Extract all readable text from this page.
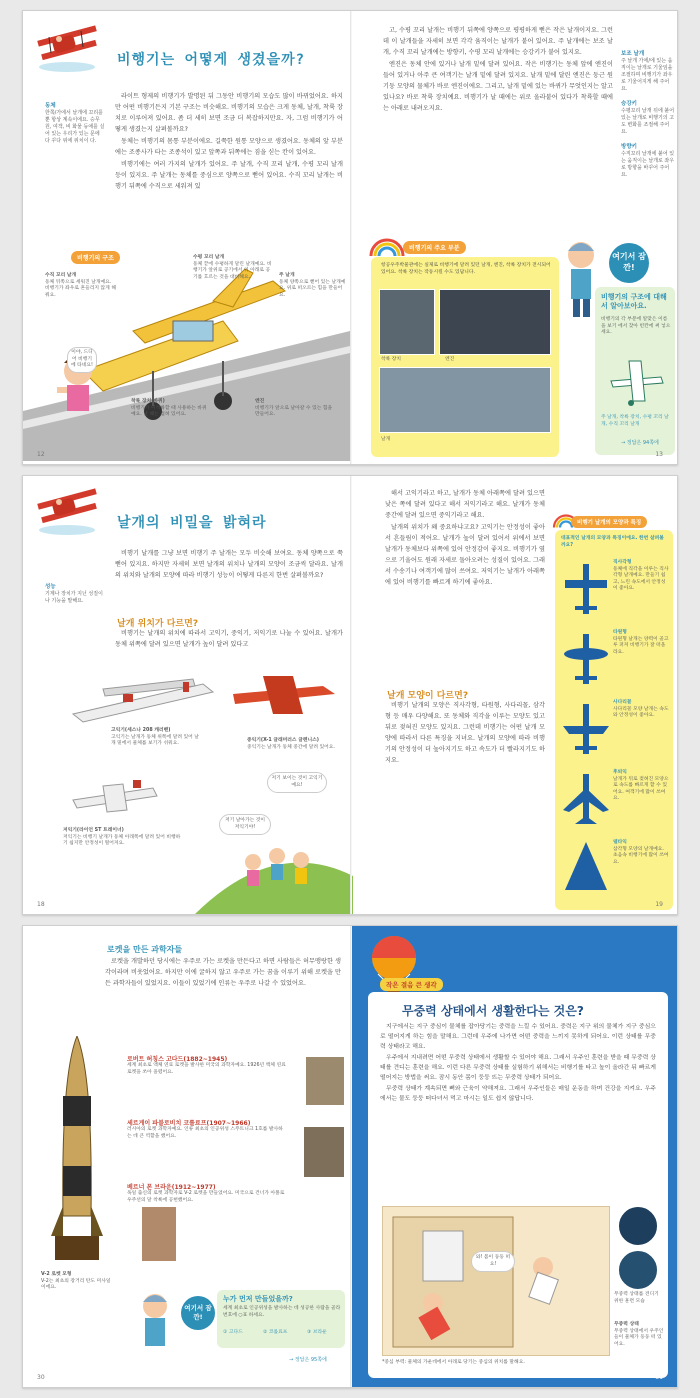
비행기는 어떻게 생겼을까?
동체
한쪽/가에서 날개에 꼬리를 뿐 항상 계속이에요. 승무원, 여객, 비 화물 등에를 실어 있는 우리가 있는 문에 다 꾸다 위에 위치이 다.

라이트 형제의 비행기가 발명된 뒤 그동안 비행기의 모습도 많이 바뀌었어요. 하지만 어떤 비행기든지 기본 구조는 비슷해요. 비행기의 모습은 크게 동체, 날개, 착륙 장치로 이루어져 있어요. 좀 더 세히 보면 조금 더 복잡하지만요. 자, 그럼 비행기가 어떻게 생겼는지 살펴볼까요?

동체는 비행기의 몸통 부분이에요. 길쭉한 원통 모양으로 생겼어요. 동체의 앞 부분에는 조종사가 타는 조종석이 있고 앞쪽과 뒤쪽에는 짐을 싣는 칸이 있어요.

비행기에는 여러 가지의 날개가 있어요. 주 날개, 수직 꼬리 날개, 수평 꼬리 날개 등이 있지요. 주 날개는 동체를 중심으로 양쪽으로 뻗어 있어요. 수직 꼬리 날개는 비행기 뒤쪽에 수직으로 세워져 있

비행기의 구조	수평 꼬리 날개
동체 끝에 수평하게 달린 날개예요. 비행기가 앞위로 공기에서 위 아래로 공기를 흐르는 것을 대비해요.	주 날개
동체 양쪽으로 뻗어 있는 날개예요. 위로 떠오르는 힘을 만들어요.
수직 꼬리 날개
동체 뒤쪽으로 세워진 날개예요. 비행기가 좌우로 흔들리지 않게 해 줘요.
착륙 장치(바퀴)
비행기가 이착륙할 때 사용하는 바퀴예요. 날 때는 접혀 있어요.
엔진
비행기가 앞으로 날아갈 수 있는 힘을 만들어요.
이야, 드디어 비행기에 타네요!
12

고, 수평 꼬리 날개는 비행기 뒤쪽에 양쪽으로 평평하게 뻗은 작은 날개이지요. 그런데 이 날개들을 자세히 보면 각각 움직이는 날개가 붙어 있어요. 주 날개에는 보조 날개, 수직 꼬리 날개에는 방향키, 수평 꼬리 날개에는 승강키가 붙어 있지요.

엔진은 동체 안에 있거나 날개 밑에 달려 있어요. 작은 비행기는 동체 앞에 엔진이 들어 있거나 아주 큰 여객기는 날개 밑에 달려 있지요. 날개 밑에 달린 엔진은 둥근 원기둥 모양의 물체가 바로 엔진이에요. 그리고, 날개 밑에 있는 바퀴가 무엇인지는 알고 있나요? 바로 착륙 장치예요. 비행기가 날 때에는 위로 올라붙어 있다가 착륙할 때에는 아래로 내려오지요.

보조 날개
주 날개 가에/에 있는 움직이는 날개로 기울임을 조절하며 비행기가 좌우로 기울어지게 해 주어요.
승강키
수평꼬리 날개 뒤에 붙어 있는 날개로 비행기의 고도 변화를 조절해 주어요.
방향키
수직꼬리 날개에 붙어 있는 움직이는 날개로 좌우로 방향을 바꾸어 주어요.
비행기의 주요 부분
항공우주박물관에는 실제로 비행기에 달려 있던 날개, 엔진, 착륙 장치가 전시되어 있어요. 착륙 장치는 작동시킬 수도 있답니다.
착륙 장치	엔진
날개
여기서 잠깐!
비행기의 구조에 대해서 알아보아요.
비행기의 각 부분에 알맞은 이름을 보기 에서 찾아 빈칸에 써 넣으세요.
주 날개, 착륙 장치, 수평 꼬리 날개, 수직 꼬리 날개
→ 정답은 94쪽에
13
날개의 비밀을 밝혀라

비행기 날개를 그냥 보면 비행기 주 날개는 모두 비슷해 보여요. 동체 양쪽으로 쭉 뻗어 있지요. 하지만 자세히 보면 날개의 위치나 날개의 모양이 조금씩 달라요. 날개의 위치와 날개의 모양에 따라 비행기 성능이 어떻게 다른지 한번 살펴볼까요?

성능
기계나 장치가 지닌 성질이나 기능을 말해요.
날개 위치가 다르면?

비행기는 날개의 위치에 따라서 고익기, 중익기, 저익기로 나눌 수 있어요. 날개가 동체 위쪽에 달려 있으면 날개가 높이 달려 있다고

고익기(세스나 208 캐러밴)
고익기는 날개가 동체 위쪽에 달려 있어 날개 밑에서 물체를 보기가 쉬워요.
중익기(X-1 글래머러스 글렌니스)
중익기는 날개가 동체 중간에 달려 있어요.
저익기(라이언 ST 트레이너)
저익기는 비행기 날개가 동체 아래쪽에 달려 있어 비행하기 쉽지만 안정성이 떨어져요.
저기 보이는 것이 고익기예요!
저기 날아가는 것이 저익기야!
18

해서 고익기라고 하고, 날개가 동체 아래쪽에 달려 있으면 낮은 쪽에 달려 있다고 해서 저익기라고 해요. 날개가 동체 중간에 달려 있으면 중익기라고 해요.

날개의 위치가 왜 중요하냐고요? 고익기는 안정성이 좋아서 흔들림이 적어요. 날개가 높이 달려 있어서 위에서 보면 날개가 동체보다 위쪽에 있어 안정감이 좋지요. 비행기가 옆으로 기울어도 원래 자세로 돌아오려는 성질이 있어요. 그래서 수송기나 여객기에 많이 쓰여요. 저익기는 날개가 아래쪽에 있어 비행기를 빠르게 하기에 좋아요.

날개 모양이 다르면?

비행기 날개의 모양은 직사각형, 타원형, 사다리꼴, 삼각형 등 매우 다양해요. 또 동체와 직각을 이루는 모양도 있고 뒤로 젖혀진 모양도 있지요. 그런데 비행기는 어떤 날개 모양에 따라서 다른 특징을 지녀요. 날개의 모양에 따라 비행기의 안정성이 더 높아지기도 하고 속도가 더 빨라지기도 하지요.

비행기 날개의 모양과 특징
대표적인 날개의 모양과 특징이에요. 한번 살펴볼까요?
직사각형
동체에 직각을 이루는 직사각형 날개예요. 만들기 쉽고, 느린 속도에서 안정성이 좋아요.
타원형
타원형 날개는 양력이 골고루 퍼져 비행기가 잘 떠올라요.
사다리꼴
사다리꼴 모양 날개는 속도와 안정성이 좋아요.
후퇴익
날개가 뒤로 젖혀진 모양으로 속도를 빠르게 할 수 있어요. 여객기에 많이 쓰여요.
델타익
삼각형 모양의 날개예요. 초음속 비행기에 많이 쓰여요.
19
로켓을 만든 과학자들

로켓을 개발하던 당시에는 우주로 가는 로켓을 만든다고 하면 사람들은 허무맹랑한 생각이라며 비웃었어요. 하지만 이에 굴하지 않고 우주로 가는 꿈을 이루기 위해 로켓을 만든 과학자들이 있었지요. 이들이 있었기에 인류는 우주로 나갈 수 있었어요.

V-2 로켓 모형
V-2는 최초의 장거리 탄도 미사일이에요.
로버트 허칭스 고다드(1882~1945)
세계 최초로 액체 연료 로켓을 발사한 미국의 과학자예요. 1926년 액체 연료 로켓을 쏘아 올렸어요.
세르게이 파블로비치 코롤료프(1907~1966)
러시아의 로켓 과학자예요. 인류 최초의 인공위성 스푸트니크 1호를 발사하는 데 큰 역할을 했어요.
베르너 폰 브라운(1912~1977)
독일 출신의 로켓 과학자로 V-2 로켓을 만들었어요. 미국으로 건너가 아폴로 우주선의 달 착륙에 공헌했어요.
여기서 잠깐!
누가 먼저 만들었을까?
세계 최초로 인공위성을 발사하는 데 성공한 사람을 골라 번호에 ○표 하세요.
① 고다드	② 코롤료프	③ 브라운
→ 정답은 95쪽에
30
작은 결음 큰 생각
무중력 상태에서 생활한다는 것은?

지구에서는 지구 중심이 물체를 잡아당기는 중력을 느낄 수 있어요. 중력은 지구 위의 물체가 지구 중심으로 떨어지게 하는 힘을 말해요. 그런데 우주에 나가면 어떤 중력을 느끼지 못하게 되어요. 이런 상태를 무중력 상태라고 해요.

우주에서 지내려면 어떤 무중력 상태에서 생활할 수 있어야 해요. 그래서 우주인 훈련을 받을 때 무중력 상태를 견디는 훈련을 해요. 이런 다른 무중력 상태를 실험하기 위해서는 비행기를 타고 높이 올라간 뒤 빠르게 떨어지는 방법을 써요. 잠시 동안 몸이 둥둥 뜨는 무중력 상태가 되어요.

무중력 상태가 계속되면 뼈와 근육이 약해져요. 그래서 우주인들은 매일 운동을 하며 건강을 지켜요. 우주에서는 물도 둥둥 떠다녀서 먹고 마시는 일도 쉽지 않답니다.

와! 몸이 둥둥 떠요!
무중력 상태를 견디기 위한 훈련 모습
무중력 상태
무중력 상태에서 우주인들이 물체가 둥둥 떠 있어요.
*중심 부력: 물체의 가운데에서 아래로 당기는 중심의 위치를 말해요.
31
